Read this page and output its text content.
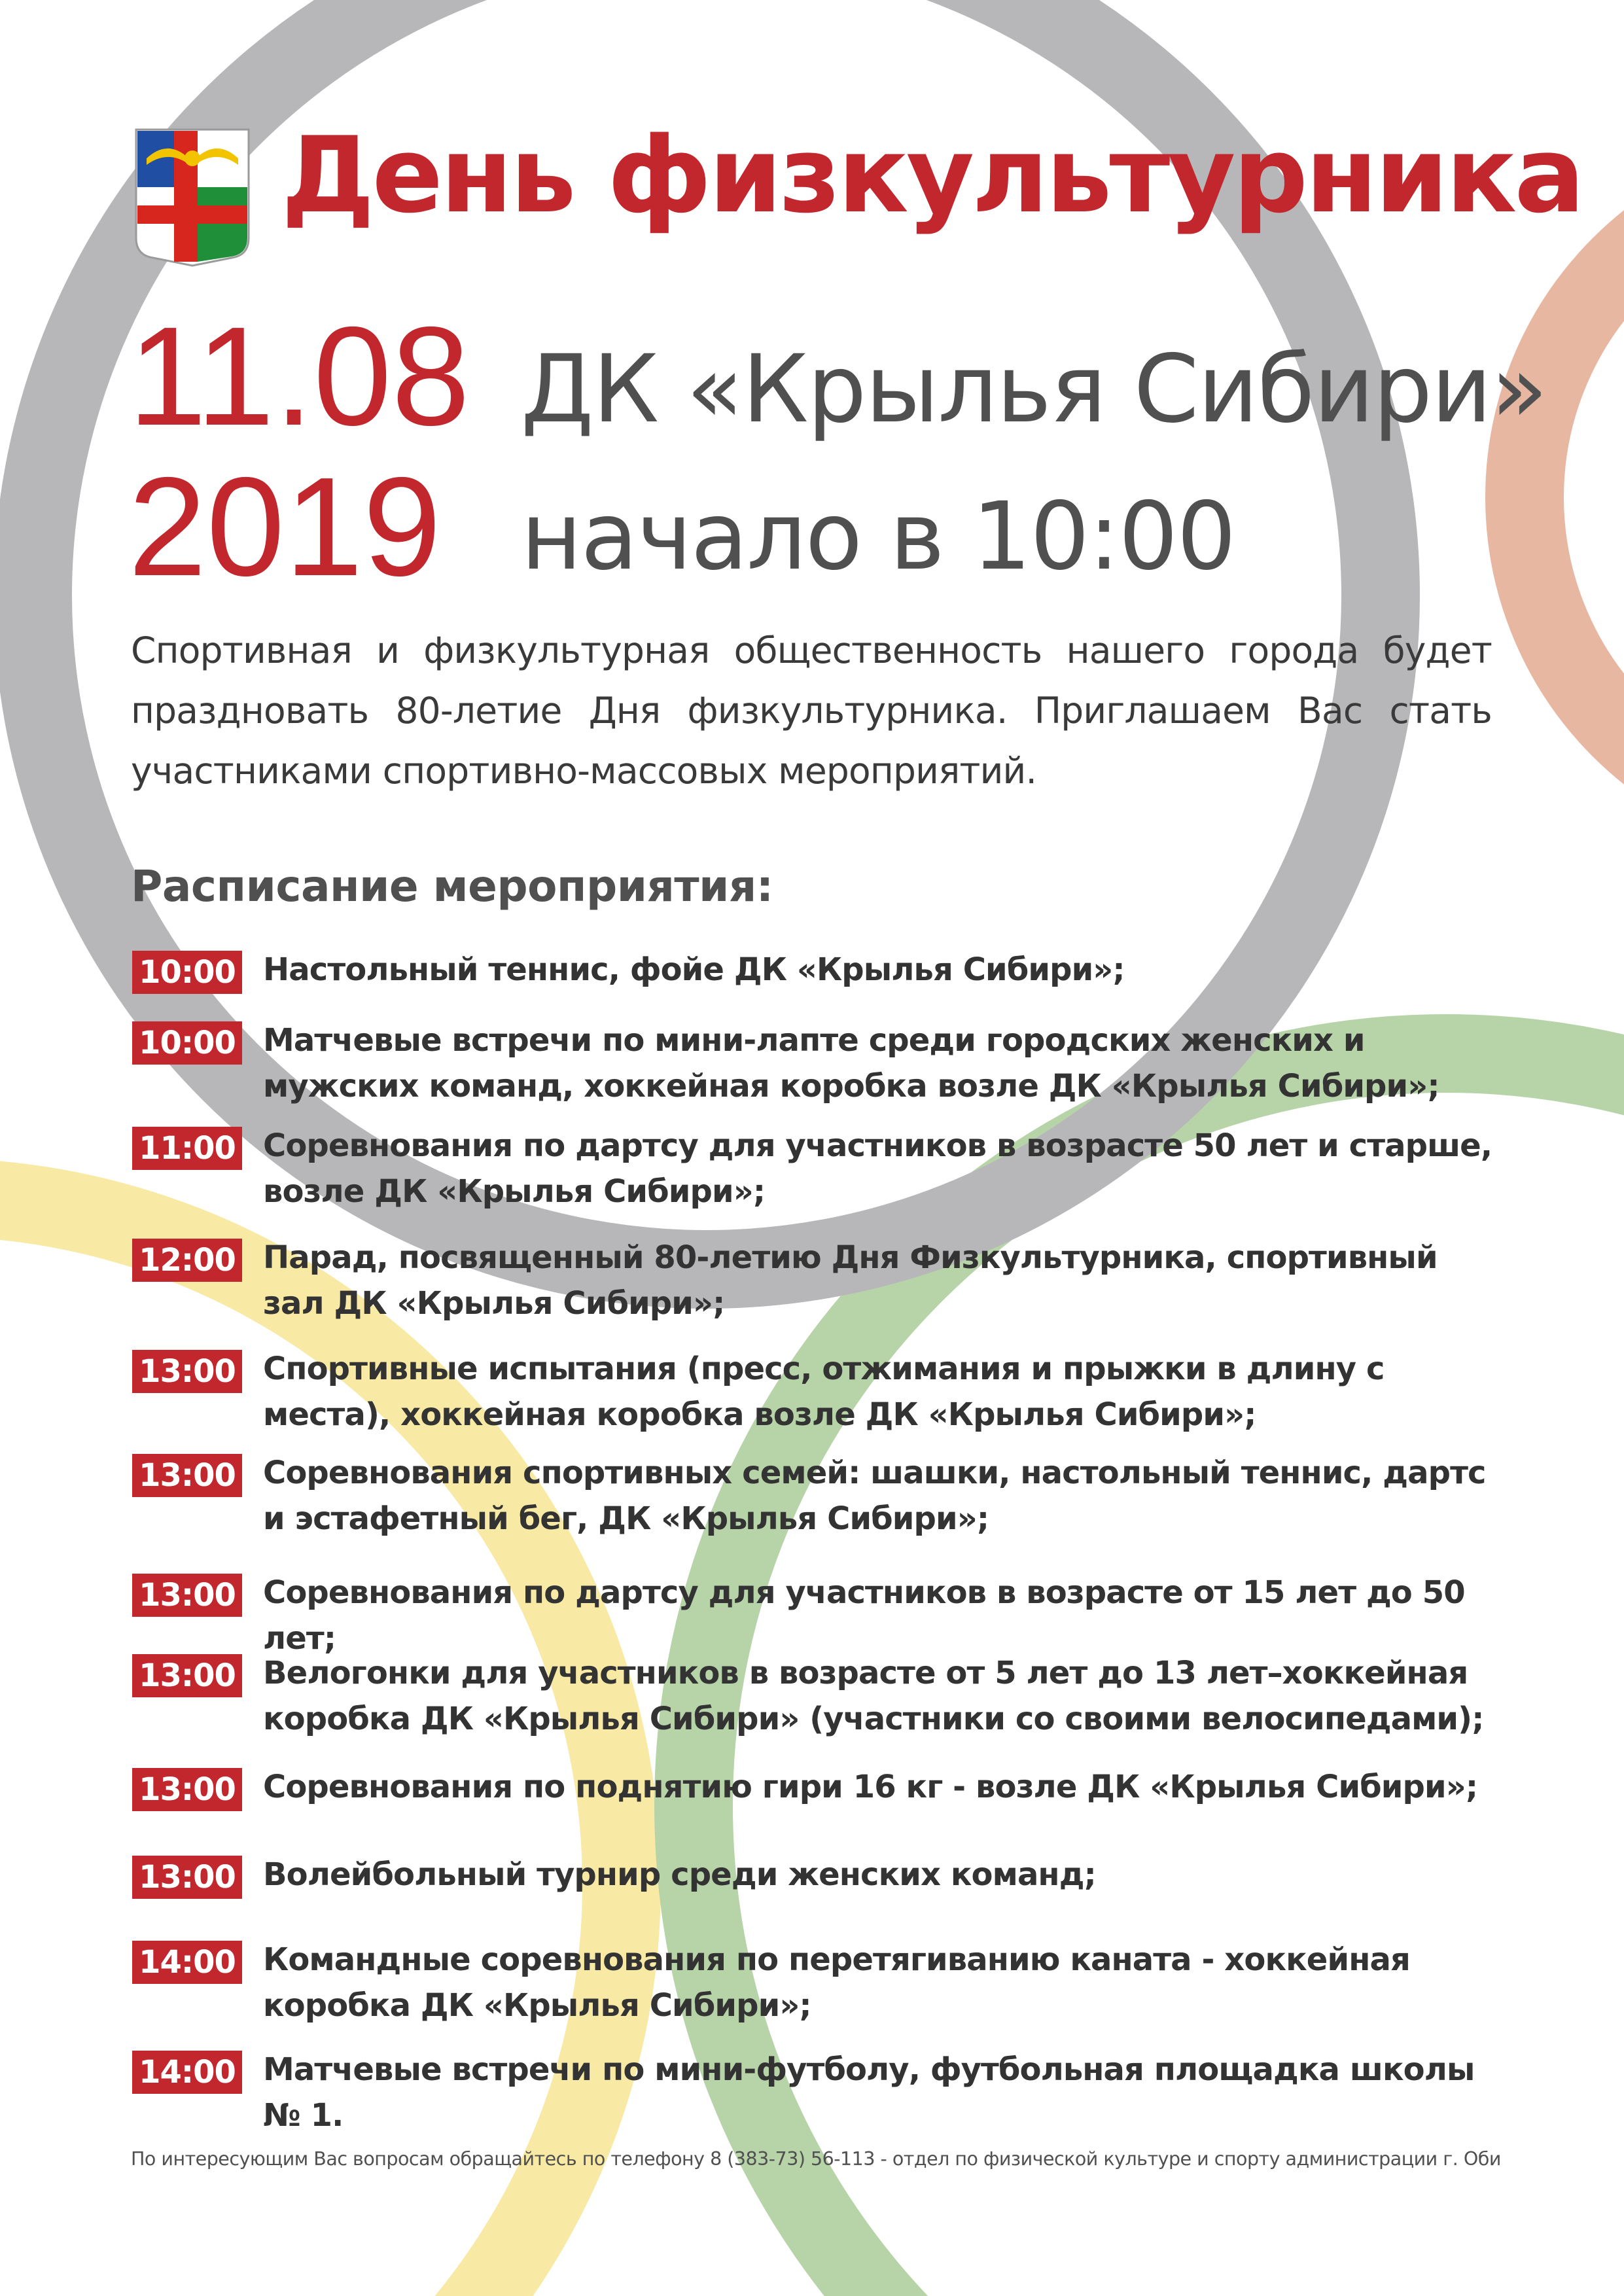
День физкультурника
11.08
2019
ДК «Крылья Сибири»
начало в 10:00

Спортивная и физкультурная общественность нашего города будет праздновать 80-летие Дня физкультурника. Приглашаем Вас стать участниками спортивно-массовых мероприятий.

Расписание мероприятия:
10:00 Настольный теннис, фойе ДК «Крылья Сибири»;
10:00 Матчевые встречи по мини-лапте среди городских женских и мужских команд, хоккейная коробка возле ДК «Крылья Сибири»;
11:00 Соревнования по дартсу для участников в возрасте 50 лет и старше, возле ДК «Крылья Сибири»;
12:00 Парад, посвященный 80-летию Дня Физкультурника, спортивный зал ДК «Крылья Сибири»;
13:00 Спортивные испытания (пресс, отжимания и прыжки в длину с места), хоккейная коробка возле ДК «Крылья Сибири»;
13:00 Соревнования спортивных семей: шашки, настольный теннис, дартс и эстафетный бег, ДК «Крылья Сибири»;
13:00 Соревнования по дартсу для участников в возрасте от 15 лет до 50 лет;
13:00 Велогонки для участников в возрасте от 5 лет до 13 лет–хоккейная коробка ДК «Крылья Сибири» (участники со своими велосипедами);
13:00 Соревнования по поднятию гири 16 кг - возле ДК «Крылья Сибири»;
13:00 Волейбольный турнир среди женских команд;
14:00 Командные соревнования по перетягиванию каната - хоккейная коробка ДК «Крылья Сибири»;
14:00 Матчевые встречи по мини-футболу, футбольная площадка школы № 1.

По интересующим Вас вопросам обращайтесь по телефону 8 (383-73) 56-113 - отдел по физической культуре и спорту администрации г. Оби
